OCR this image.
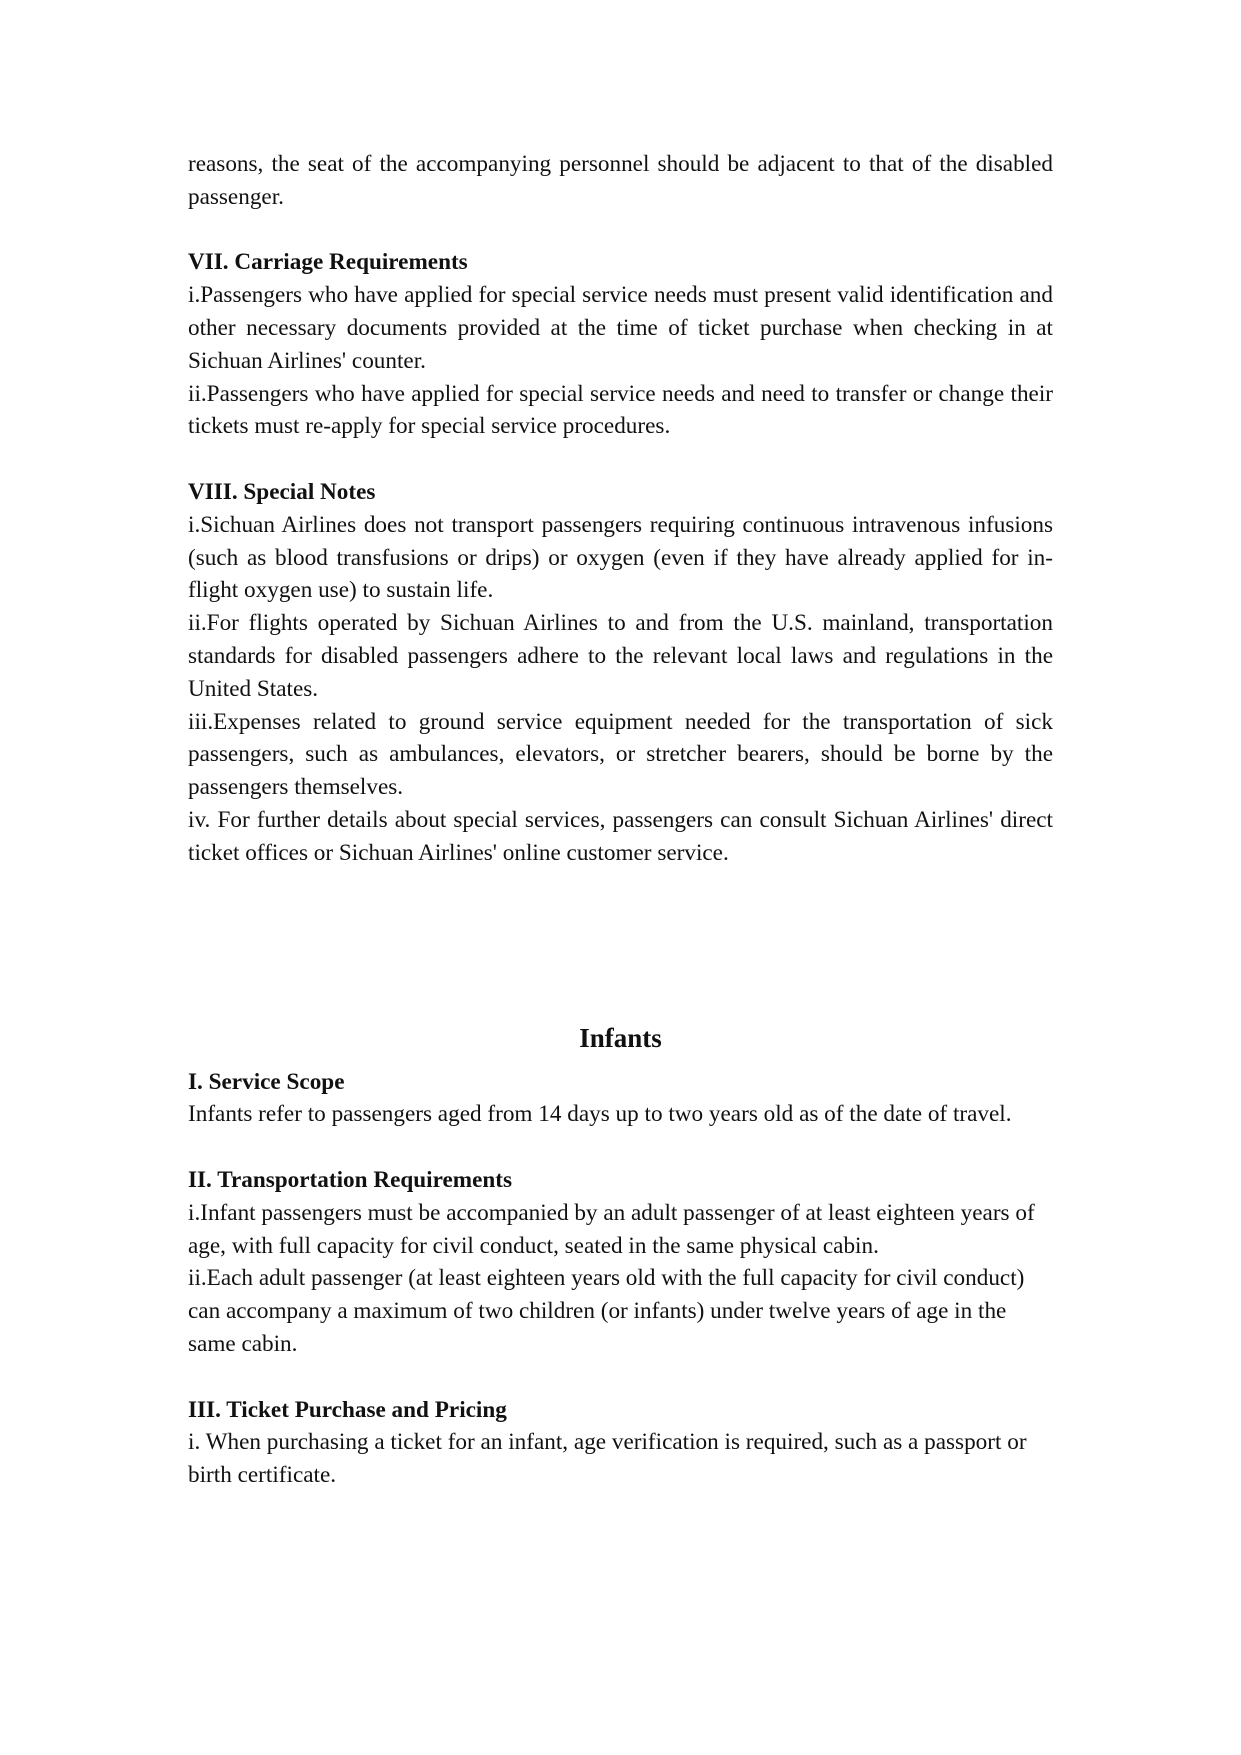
reasons, the seat of the accompanying personnel should be adjacent to that of the disabled passenger.

VII. Carriage Requirements

i.Passengers who have applied for special service needs must present valid identification and other necessary documents provided at the time of ticket purchase when checking in at Sichuan Airlines' counter.

ii.Passengers who have applied for special service needs and need to transfer or change their tickets must re-apply for special service procedures.

VIII. Special Notes

i.Sichuan Airlines does not transport passengers requiring continuous intravenous infusions (such as blood transfusions or drips) or oxygen (even if they have already applied for in-flight oxygen use) to sustain life.

ii.For flights operated by Sichuan Airlines to and from the U.S. mainland, transportation standards for disabled passengers adhere to the relevant local laws and regulations in the United States.

iii.Expenses related to ground service equipment needed for the transportation of sick passengers, such as ambulances, elevators, or stretcher bearers, should be borne by the passengers themselves.

iv. For further details about special services, passengers can consult Sichuan Airlines' direct ticket offices or Sichuan Airlines' online customer service.

Infants

I. Service Scope

Infants refer to passengers aged from 14 days up to two years old as of the date of travel.

II. Transportation Requirements

i.Infant passengers must be accompanied by an adult passenger of at least eighteen years of age, with full capacity for civil conduct, seated in the same physical cabin.

ii.Each adult passenger (at least eighteen years old with the full capacity for civil conduct) can accompany a maximum of two children (or infants) under twelve years of age in the same cabin.

III. Ticket Purchase and Pricing

i. When purchasing a ticket for an infant, age verification is required, such as a passport or birth certificate.
